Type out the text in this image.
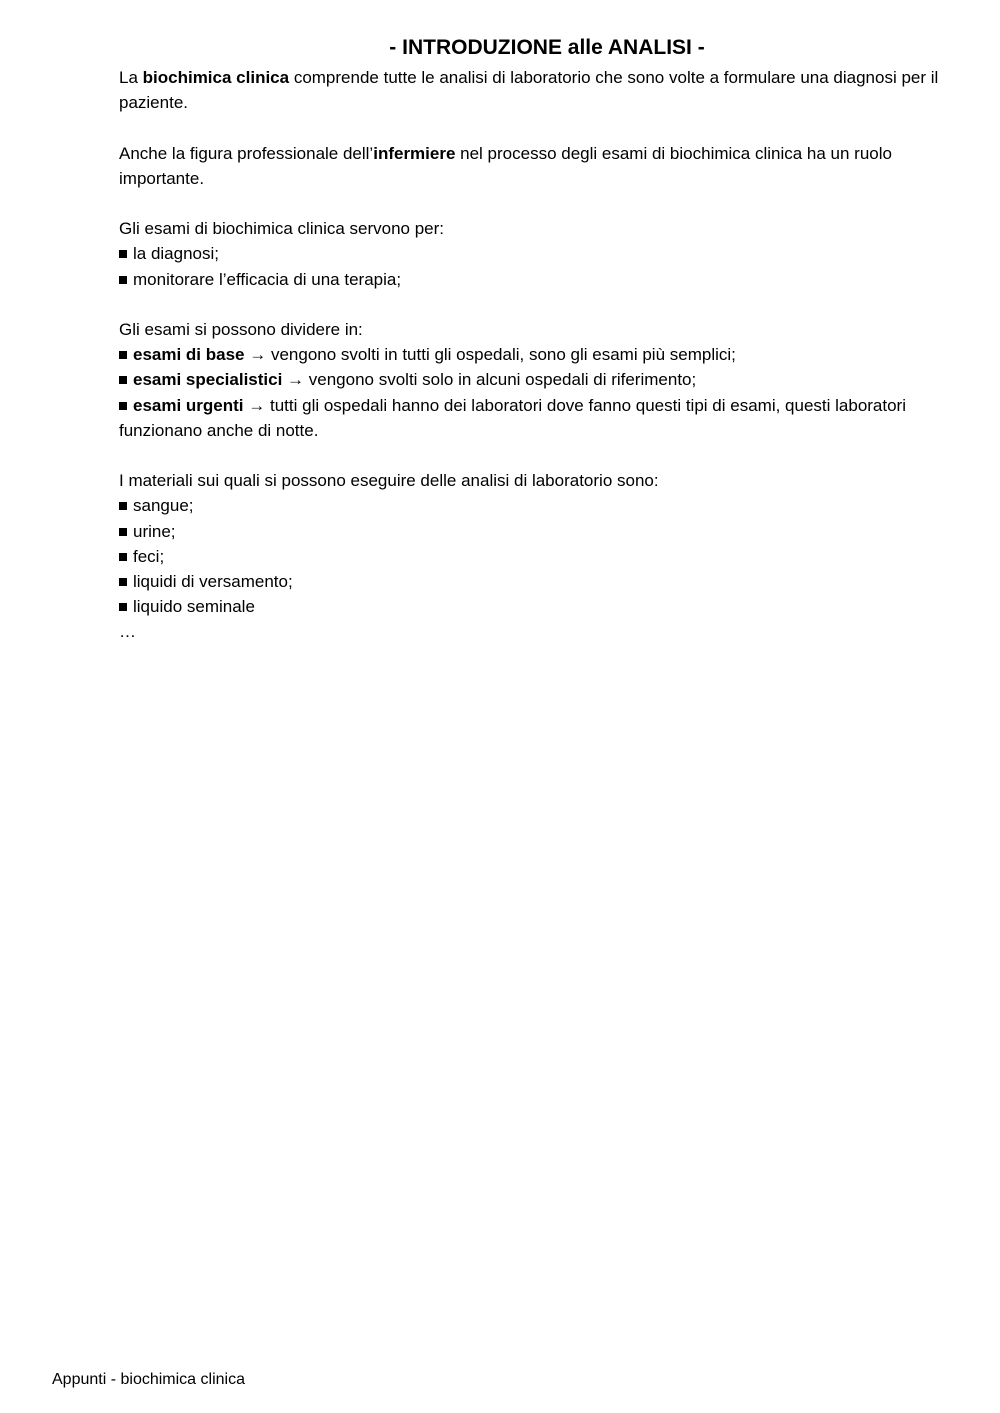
- INTRODUZIONE alle ANALISI -

La biochimica clinica comprende tutte le analisi di laboratorio che sono volte a formulare una diagnosi per il paziente.

Anche la figura professionale dell’infermiere nel processo degli esami di biochimica clinica ha un ruolo importante.

Gli esami di biochimica clinica servono per:

la diagnosi;
monitorare l’efficacia di una terapia;

Gli esami si possono dividere in:

esami di base → vengono svolti in tutti gli ospedali, sono gli esami più semplici;
esami specialistici → vengono svolti solo in alcuni ospedali di riferimento;
esami urgenti → tutti gli ospedali hanno dei laboratori dove fanno questi tipi di esami, questi laboratori funzionano anche di notte.

I materiali sui quali si possono eseguire delle analisi di laboratorio sono:

sangue;
urine;
feci;
liquidi di versamento;
liquido seminale

…

Appunti - biochimica clinica
